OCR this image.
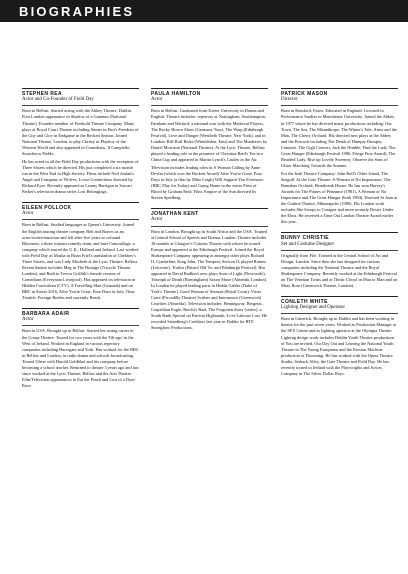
BIOGRAPHIES
STEPHEN REA
Actor and Co-Founder of Field Day

Born in Belfast. Started acting with the Abbey Theatre, Dublin. First London appearance in Shadow of a Gunman (National Theatre). Founder member of Freehold Theatre Company. Many plays at Royal Court Theatre including Sinner in Emi's Freedom of the City and Clov in Endgame in the Beckett Season. Joined National Theatre, London, to play Christy in Playboy of the Western World and also appeared in Comedians, II Campiello, Strawberry Fields.

He has acted in all the Field Day productions with the exception of Three Sisters which he directed. His just completed a six month run in the West End in High Society. Films include Neil Jordan's Angel and Company of Wolves, Loose Connections directed by Richard Eyre. Recently appeared as Leamy Harrigan in Sorcart Parker's television drama series Lost Belongings.

EILEEN POLLOCK
Actor

Born in Belfast. Studied languages at Queen's University. Joined the English touring theatre company Belt and Braces as an actor/writer/musician and left after five years to cofound Bloomers, a three woman comedy team, and later Camouflage, a company which toured the U.K., Holland and Ireland. Last worked with Field Day as Masha in Brian Friel's translation of Chekhov's Three Sisters, and was Lady Macbeth at the Lyric Theatre, Belfast. Recent theatre includes Meg in The Hostage (Tricycle Theatre, London), and Ruth in Trevor Griffith's female version of Comedians (Everyman Liverpool). Has appeared on television in Hidden Curriculum (CTV), A Travelling Man (Granada) and on BBC in Easter 2016, After You're Gone, Four Days in July, Time Trouble, Foreign Bodies and currently Brush.

BARBARA ADAIR
Actor

Born in USA. Brought up in Belfast. Started her acting career in the Group Theatre. Toured for two years with the Tilt-ups' in the West of Ireland. Worked in England in various repertory companies including Harrogate and York. Has worked for the BBC in Belfast and London, in radio drama and schools broadcasting. Toured Ulster with Harold Goldblatt and his company before becoming a school teacher. Returned to theatre 3 years ago and has since worked at the Lyric Theatre, Belfast and the Arts Theatre. Film/Television appearances in Eat the Peach and Lost of a Dyin' Race.

PAULA HAMILTON
Actor

Born in Belfast. Graduated from Exeter University in Drama and English. Theatre includes: repertory at Nottingham, Southampton, Farnham and Watford; a national tour with the Medieval Players, The Rocky Horror Show (Germany Tour), The Warp (Edinburgh Festival), Love and Danger (Westbeth Theatre, New York), and in London: Riff Raff Rules (Wimbledon, East) and The Murderers by Daniel Morrison (National Theatre). At the Lyric Theatre, Belfast played a leading role in the premiere of Christina Reid's Tea in a China Cup and appeared in Martin Lynch's Castles in the Air.

Television includes leading roles in A Woman Calling by Anne Devlin (which won the Beckett Award) After You're Gone, Four Days in July (a film by Mike Leigh) Will Support You Evermore (BBC Play for Today) and Going Home in the series Firm of Blood by Graham Reid. Film: Empire of the Sun directed by Steven Spielberg.

JONATHAN KENT
Actor

Born in London. Brought up in South Africa and the USA. Trained at Central School of Speech and Drama, London. Theatre includes 18 months at Glasgow's Citizens Theatre with whom he toured Europe and appeared at the Edinburgh Festival. Joined the Royal Shakespeare Company appearing in amongst other plays Richard II, Cymbeline, King John, The Tempest, Section II, played Romeo (Leicester), Troilus (Bristol Old Vic and Edinburgh Festival). Has appeared in David Rudkin's new plays Sons of Light (Newcastle), Triumph of Death (Birmingham) Saxon Shore (Almeida, London). In London he played leading parts in Hedda Gabler (Duke of York's Theatre), Good Woman of Setzuan (Royal Court), Vieux Carre (Piccadilly Theatre) Scribes and Intermezzo (Greenwich) Cruelties (Almeida). Television includes: Hemingway, Bergerac, Carpathian Eagle, Brecht's Baal, The Forgotten Story (series), a South Bank Special on Patricia Highsmith, Love Labours Lost. He recorded Strindberg's Creditors last year in Dublin for RTE Stronghow Productions.

PATRICK MASON
Director

Born in Romford, Essex. Educated in England. Lectured in Performance Studies in Manchester University. Joined the Abbey in 1977 where he has directed many productions including: Our Town, The Sea, The Misanthrope, The Winter's Tale, Arms and the Man, The Cherry Orchard. His directed new plays at the Abbey and the Peacock including The Death of Humpty Dumpty, Canaries, The Gigli Concert, Jack the Nimble, Find the Lady, The Great Hunger (Edinburgh Festival 1986, Fringe First Award), The Bearded Lady, Rise up Lovely Sweeney, Observe the Sons of Ulster Marching Towards the Somme.

For the Irish Theatre Company: John Bull's Other Island, The Seagull. At the Gate Theatre: A Woman of No Importance, The Barnabas Orchard, Heartbreak House. He has won Harvey's Awards for The Pirates of Penzance (1981), A Woman of No Importance and The Great Hunger (both 1984). Directed St Joan at the Guthrie Theatre, Minneapolis (1986). His London work includes She Stoops to Conquer and more recently Desire Under the Elms. He received a Time Out London Theatre Award earlier this year.

BUNNY CHRISTIE
Set and Costume Designer

Originally from Fife. Trained at the Central School of Art and Design, London. Since then she has designed for various companies including the National Theatre and the Royal Shakespeare Company. Recently worked at the Edinburgh Festival on The Venetian Twins and at Theatr Clwyd in Man to Man and on Mary Rose (Greenwich Theatre, London).

CONLETH WHITE
Lighting Designer and Operator

Born in Limerick. Brought up in Dublin and has been working in theatre for the past seven years. Worked as Production Manager at the SFX Centre and as lighting operator at the Olympia Theatre. Lighting design work includes Dublin Youth Theatre productions of You are invited, Our Day Out and Leaving the National Youth Theatre in The Young Europeans and the Passion Machine production of Drowning. He has worked with the Opera Theatre Studio, Setback Alley, the Gate Theatre and Field Day. He has recently toured in Ireland with the Playwrights and Actors Company in The Silver Dollar Boys.
